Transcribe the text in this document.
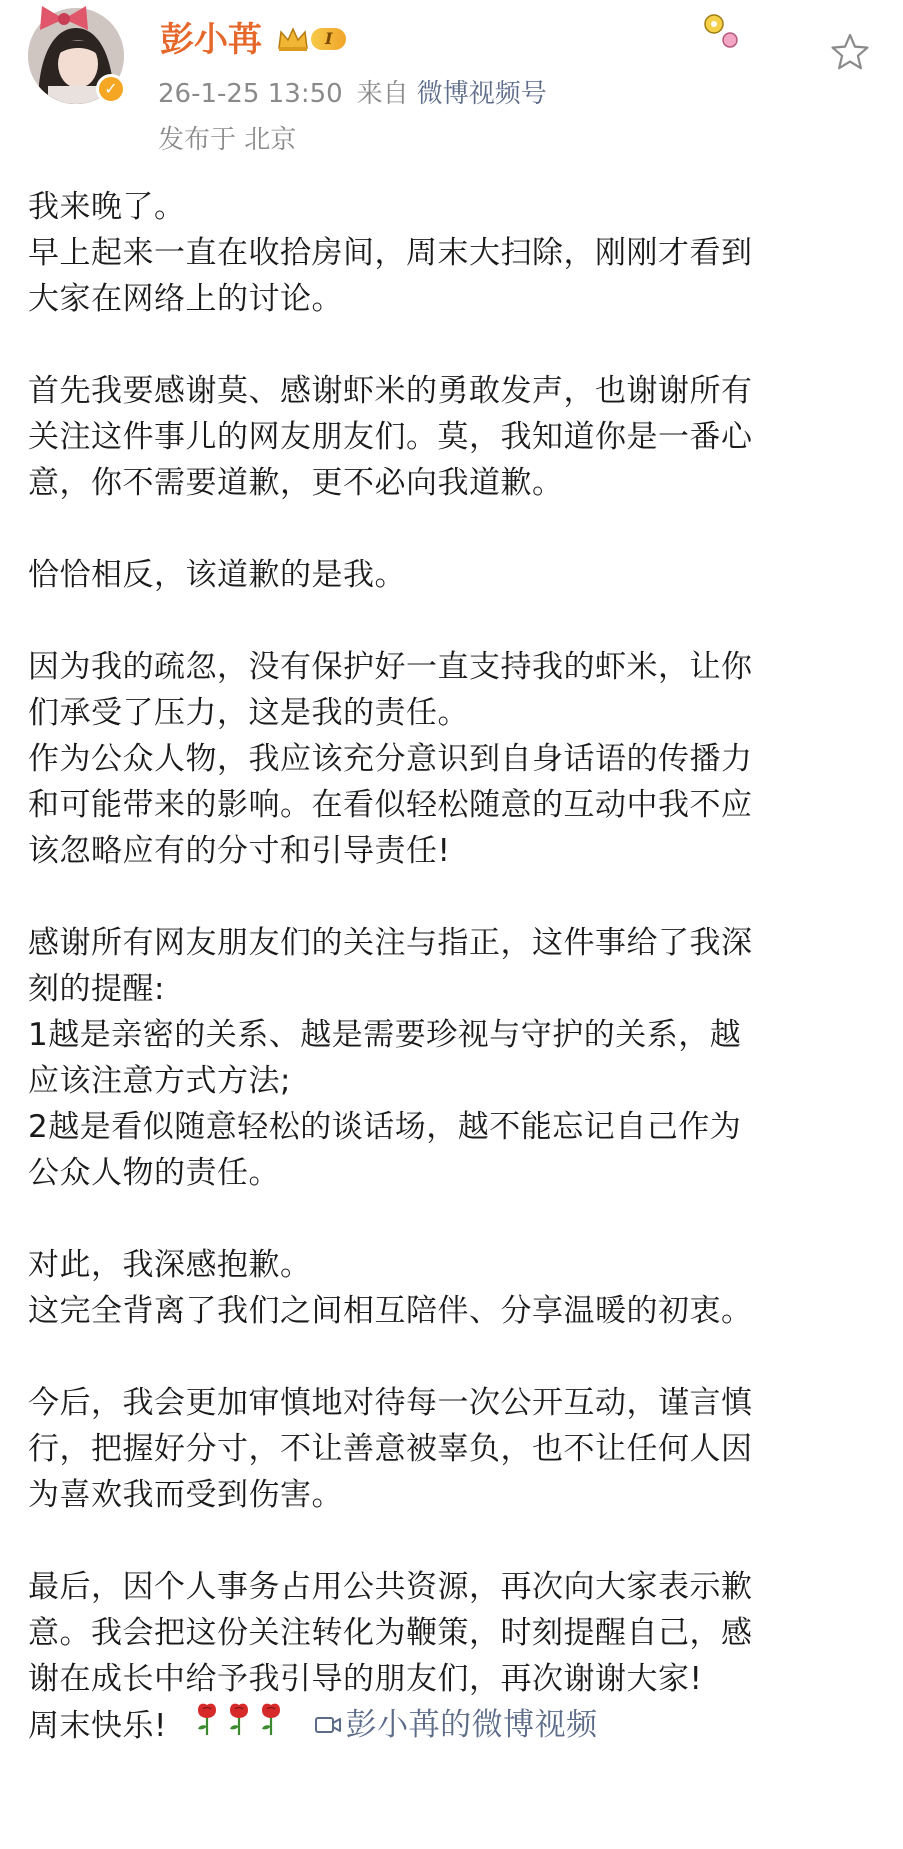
✓
彭小苒	I
26-1-25 13:50 来自 微博视频号
发布于 北京
我来晚了。
早上起来一直在收拾房间，周末大扫除，刚刚才看到
大家在网络上的讨论。
首先我要感谢莫、感谢虾米的勇敢发声，也谢谢所有
关注这件事儿的网友朋友们。莫，我知道你是一番心
意，你不需要道歉，更不必向我道歉。
恰恰相反，该道歉的是我。
因为我的疏忽，没有保护好一直支持我的虾米，让你
们承受了压力，这是我的责任。
作为公众人物，我应该充分意识到自身话语的传播力
和可能带来的影响。在看似轻松随意的互动中我不应
该忽略应有的分寸和引导责任!
感谢所有网友朋友们的关注与指正，这件事给了我深
刻的提醒:
1越是亲密的关系、越是需要珍视与守护的关系，越
应该注意方式方法;
2越是看似随意轻松的谈话场，越不能忘记自己作为
公众人物的责任。
对此，我深感抱歉。
这完全背离了我们之间相互陪伴、分享温暖的初衷。
今后，我会更加审慎地对待每一次公开互动，谨言慎
行，把握好分寸，不让善意被辜负，也不让任何人因
为喜欢我而受到伤害。
最后，因个人事务占用公共资源，再次向大家表示歉
意。我会把这份关注转化为鞭策，时刻提醒自己，感
谢在成长中给予我引导的朋友们，再次谢谢大家!
周末快乐!
	彭小苒的微博视频
